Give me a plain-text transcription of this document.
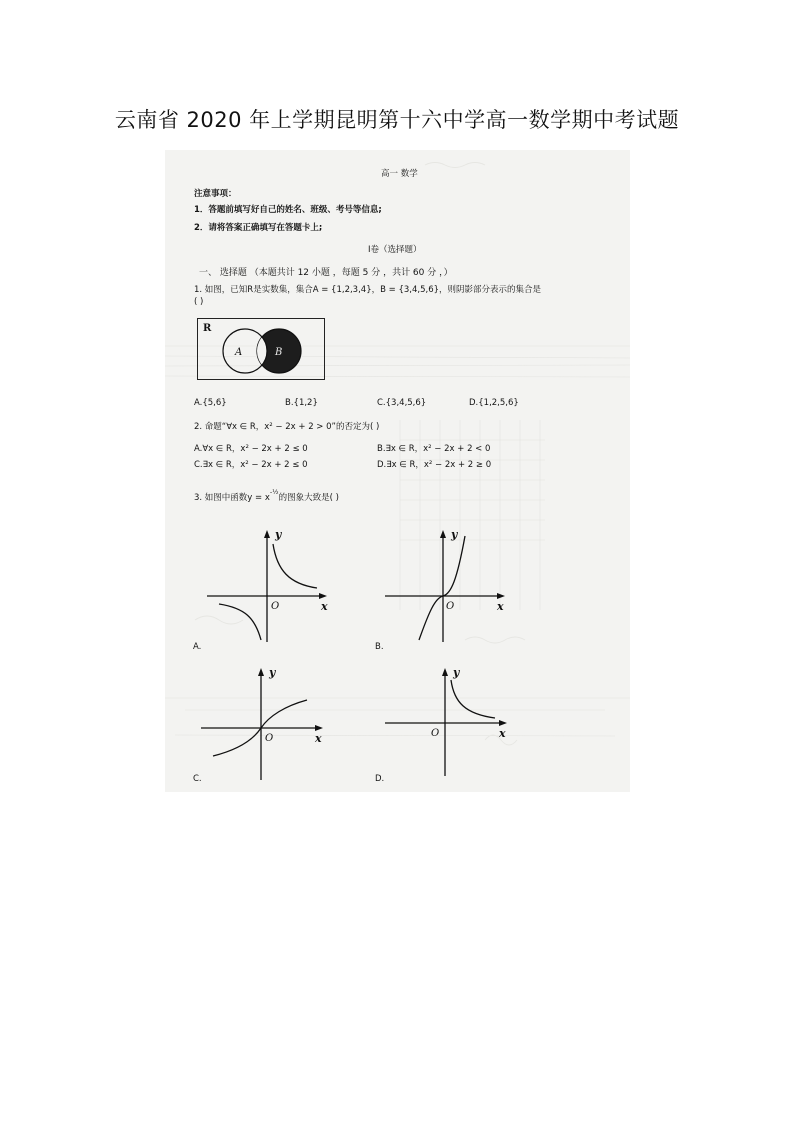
云南省 2020 年上学期昆明第十六中学高一数学期中考试题
高一 数学
注意事项：
1．答题前填写好自己的姓名、班级、考号等信息;
2．请将答案正确填写在答题卡上;
Ⅰ卷（选择题）
一、 选择题 （本题共计 12 小题 ，每题 5 分 ，共计 60 分 ，）
1. 如图，已知R是实数集，集合A = {1,2,3,4}，B = {3,4,5,6}，则阴影部分表示的集合是
( )
R
A	B
A.{5,6}	B.{1,2}	C.{3,4,5,6}	D.{1,2,5,6}
2. 命题“∀x ∈ R，x² − 2x + 2 > 0”的否定为( )
A.∀x ∈ R，x² − 2x + 2 ≤ 0	B.∃x ∈ R，x² − 2x + 2 < 0
C.∃x ∈ R，x² − 2x + 2 ≤ 0	D.∃x ∈ R，x² − 2x + 2 ≥ 0
3. 如图中函数$y = x^{-\frac{1}{2}}$的图象大致是( )
y
x
O
A.
y
x
O
B.
y
x
O
C.
y
x
O
D.
